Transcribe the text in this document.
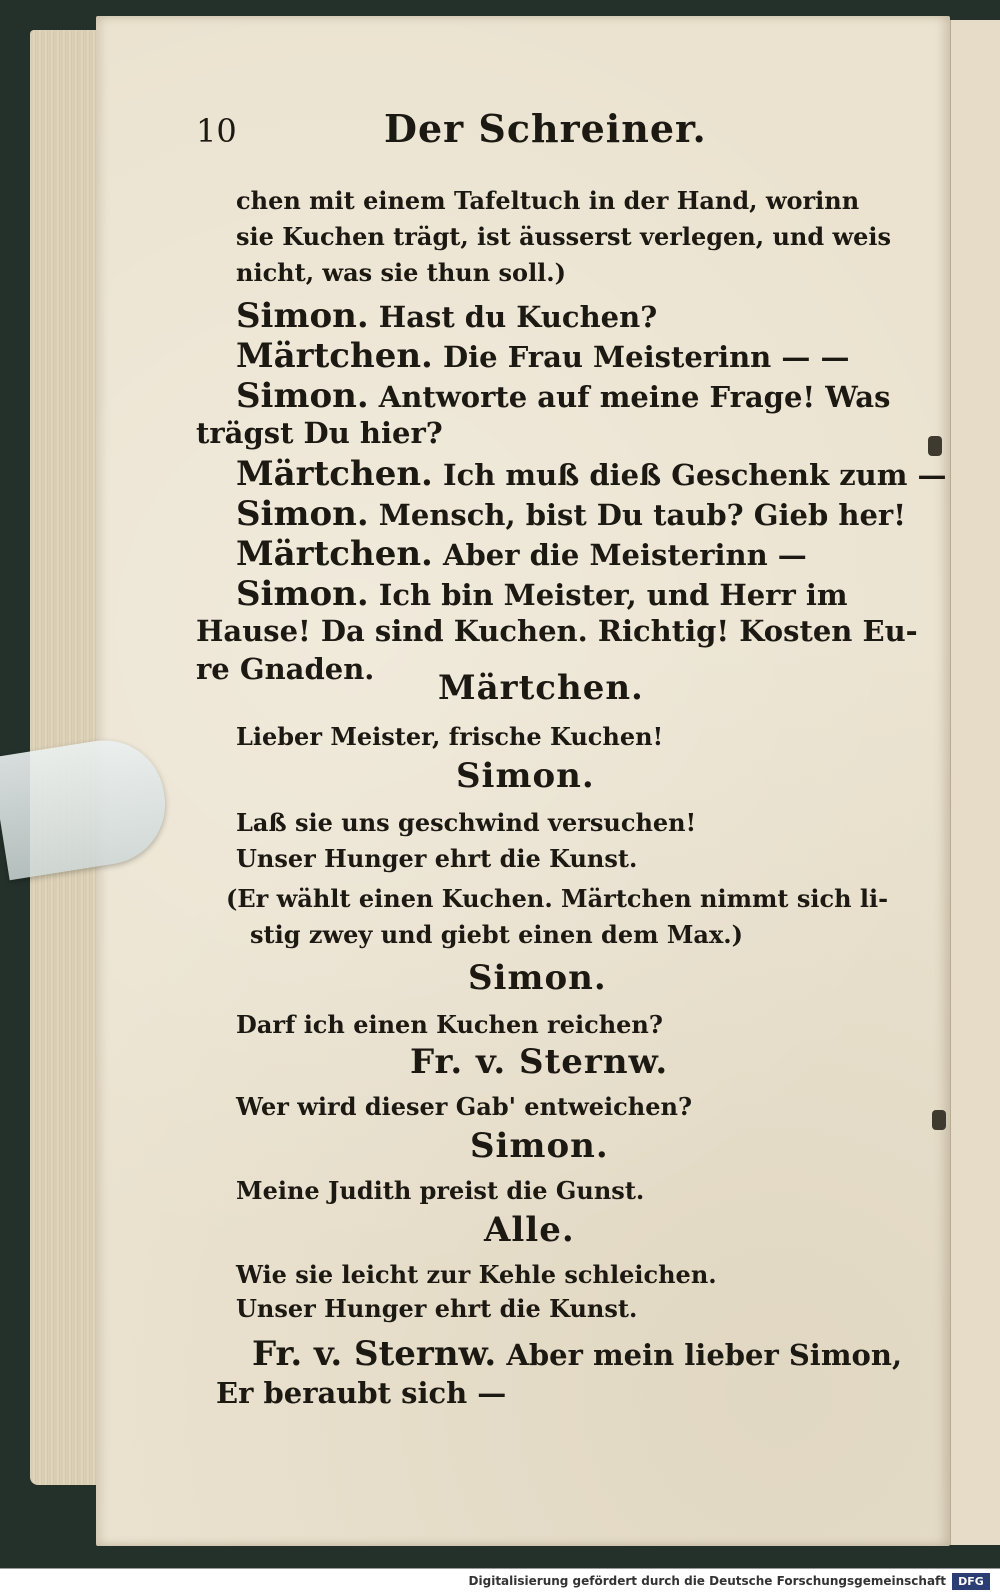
10	Der Schreiner.
chen mit einem Tafeltuch in der Hand, worinn
sie Kuchen trägt, ist äusserst verlegen, und weis
nicht, was sie thun soll.)
Simon. Hast du Kuchen?
Märtchen. Die Frau Meisterinn — —
Simon. Antworte auf meine Frage! Was
trägst Du hier?
Märtchen. Ich muß dieß Geschenk zum —
Simon. Mensch, bist Du taub? Gieb her!
Märtchen. Aber die Meisterinn —
Simon. Ich bin Meister, und Herr im
Hause! Da sind Kuchen. Richtig! Kosten Eu-
re Gnaden. Märtchen.
Lieber Meister, frische Kuchen!
Simon.
Laß sie uns geschwind versuchen!
Unser Hunger ehrt die Kunst.
(Er wählt einen Kuchen. Märtchen nimmt sich li-
stig zwey und giebt einen dem Max.)
Simon.
Darf ich einen Kuchen reichen?
Fr. v. Sternw.
Wer wird dieser Gab' entweichen?
Simon.
Meine Judith preist die Gunst.
Alle.
Wie sie leicht zur Kehle schleichen.
Unser Hunger ehrt die Kunst.
Fr. v. Sternw. Aber mein lieber Simon,
Er beraubt sich —
Digitalisierung gefördert durch die Deutsche Forschungsgemeinschaft	DFG
